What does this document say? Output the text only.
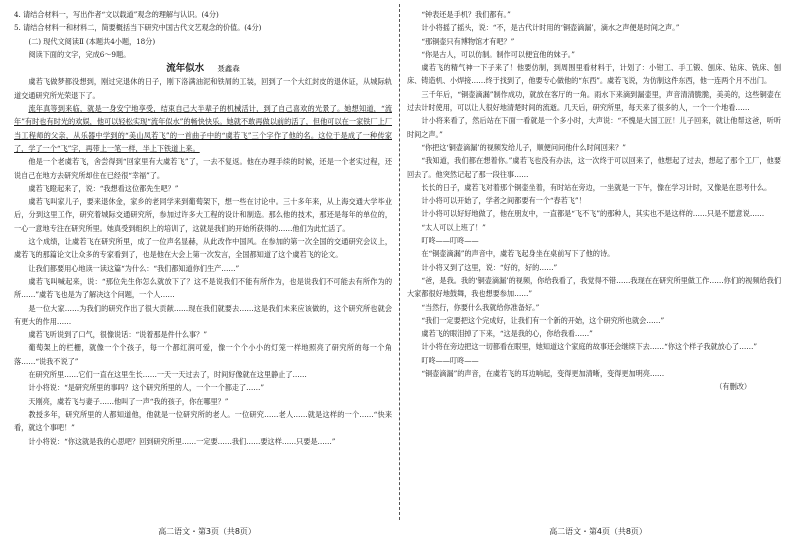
4. 请结合材料一，写出作者“文以载道”观念的理解与认识。(4分)

5. 请结合材料一和材料二，简要概括当下研究中国古代文艺观念的价值。(4分)

(二) 现代文阅读Ⅱ (本题共4小题，18分)

阅读下面的文字，完成6～9题。

流年似水 聂鑫森

虞若飞做梦都没想到，刚过完退休的日子，刚下洛满油泥和铁屑的工装，回到了一个大红封皮的退休证，从城际轨道交通研究所光荣退下了。

流年真等到来临，就是一身安宁地享受，结束自己大半辈子的机械活计，到了自己喜欢的光景了。她想知道，“流年”有时也有时光的欢娱，他可以轻松实现“流年似水”的畅快快乐。她就不敢再做以前的活了，但他可以在一家铁厂上厂当工程师的父亲，从乐器中学到的“美山凤若飞”的一首曲子中的“虞若飞”三个字作了他的名。这位于是成了一种传家了，学了一个“飞”字，再带上一笔一样，半上下铁道上来。

他是一个老虞若飞，舍尝得到“回家里有大虞若飞”了，一去不复返。他在办理手续的时候，还是一个老实过程，还说自己在地方去研究所却住在已经很“幸福”了。

虞若飞瞪起来了，说：“我想看这位都先生吧？”

虞若飞叫家儿子，要来退休金，家乡的老同学来到葡萄架下，想一些在讨论中。三十多年来，从上海交通大学毕业后，分到这里工作，研究着城际交通研究所，参加过许多大工程的设计和制造。那么他的技术，那还是每年的单位的，一心一意地专注在研究所里。她真受到组织上的培训了，这就是我们的开始所获得的……他们为此忙活了。

这个成绩，让虞若飞在研究所里，成了一位声名显赫，从此改作中国风。在参加的第一次全国的交通研究会议上，虞若飞的那篇论文让众多的专家看到了，也是他在大会上第一次发言，全国都知道了这个虞若飞的论文。

让我们都要用心地读一读这篇“为什么：“我们都知道你们生产……”

虞若飞叫喊起来，说：“那位先生你怎么就放下了？这不是说我们不能有所作为，也是说我们不可能去有所作为的所……”虞若飞也是为了解决这个问题，一个人……

是一位大家……为我们的研究作出了很大贡献……现在我们就要去……这是我们未来应该做的，这个研究所也就会有更大的作用……

虞若飞听说到了口气，很像说话：“说着那是件什么事？”

葡萄架上的栏栅，就像一个个孩子，每一个都红润可爱，像一个个小小的灯笼一样地照亮了研究所的每一个角落……“说我不说了”

在研究所里……它们一直在这里生长……一天一天过去了，时间好像就在这里静止了……

计小将说：“是研究所里的事吗？这个研究所里的人，一个一个都走了……”

天刚亮，虞若飞与妻子……他叫了一声“我的孩子，你在哪里？”

教授多年，研究所里的人都知道他，他就是一位研究所的老人。一位研究……老人……就是这样的一个……“快来看，就这个事吧！”

计小将说：“你这就是我的心思吧？回到研究所里……一定要……我们……要这样……只要是……”

高二语文・第3页（共8页）

“钟表还是手机？我们都有。”

计小将摇了摇头，说：“不，是古代计时用的‘铜壶滴漏’，滴水之声便是时间之声。”

“那铜壶只有博物馆才有吧？”

“你是古人，可以仿制。制作可以便宜他的妹子。”

虞若飞的精气神一下子来了！他要仿制，到周围里看材料于，计划了：小钳工、手工锻、刨床、钻床、铣床、刨床、铸造机、小焊接……终于找到了，他要专心做他的“东西”。虞若飞说，为仿制这件东西，他一连两个月不出门。

三千年后，“铜壶滴漏”制作成功，就放在客厅的一角。雨水下来滴到漏壶里，声音清清脆脆，美美的，这些铜壶在过去计时使用，可以让人很好地清楚时间的流逝。几天后，研究所里，每天来了很多的人，一个一个地看……

计小将来看了，然后站在下面一看就是一个多小时，大声说：“不愧是大国工匠！儿子回来，就让他帮这爸，听听时间之声。”

“你把这‘铜壶滴漏’的视频发给儿子，顺便问问他什么时间回来？”

“我知道，我们都在想着你。”虞若飞也没有办法，这一次终于可以回来了，他想起了过去，想起了那个工厂，他要回去了。他突然记起了那一段往事……

长长的日子，虞若飞对着那个铜壶坐着，有时站在旁边，一坐就是一下午，像在学习计时，又像是在思考什么。

计小将可以开始了，学者之间都要有一个“春若飞”！

计小将可以好好地做了，他在朋友中，一直都是“飞不飞”的那种人，其实也不是这样的……只是不愿意说……

“太人可以上班了！”

叮咚——叮咚——

在“铜壶滴漏”的声音中，虞若飞起身坐在桌前写下了他的诗。

计小将又到了这里，说：“好的，好的……”

“爸，是我。我的‘铜壶滴漏’的视频，你给我看了，我觉得不错……我现在在研究所里做工作……你们的视频给我们大家都很好地鼓舞，我也想要参加……”

“当然行，你要什么我就给你准备好。”

“我们一定要把这个完成好，让我们有一个新的开始，这个研究所也就会……”

虞若飞的眼泪掉了下来，“这是我的心，你给我看……”

计小将在旁边把这一切都看在眼里，她知道这个家庭的故事还会继续下去……“你这个样子我就放心了……”

叮咚——叮咚——

“铜壶滴漏”的声音，在虞若飞的耳边响起，变得更加清晰，变得更加明亮……

（有删改）

高二语文・第4页（共8页）
